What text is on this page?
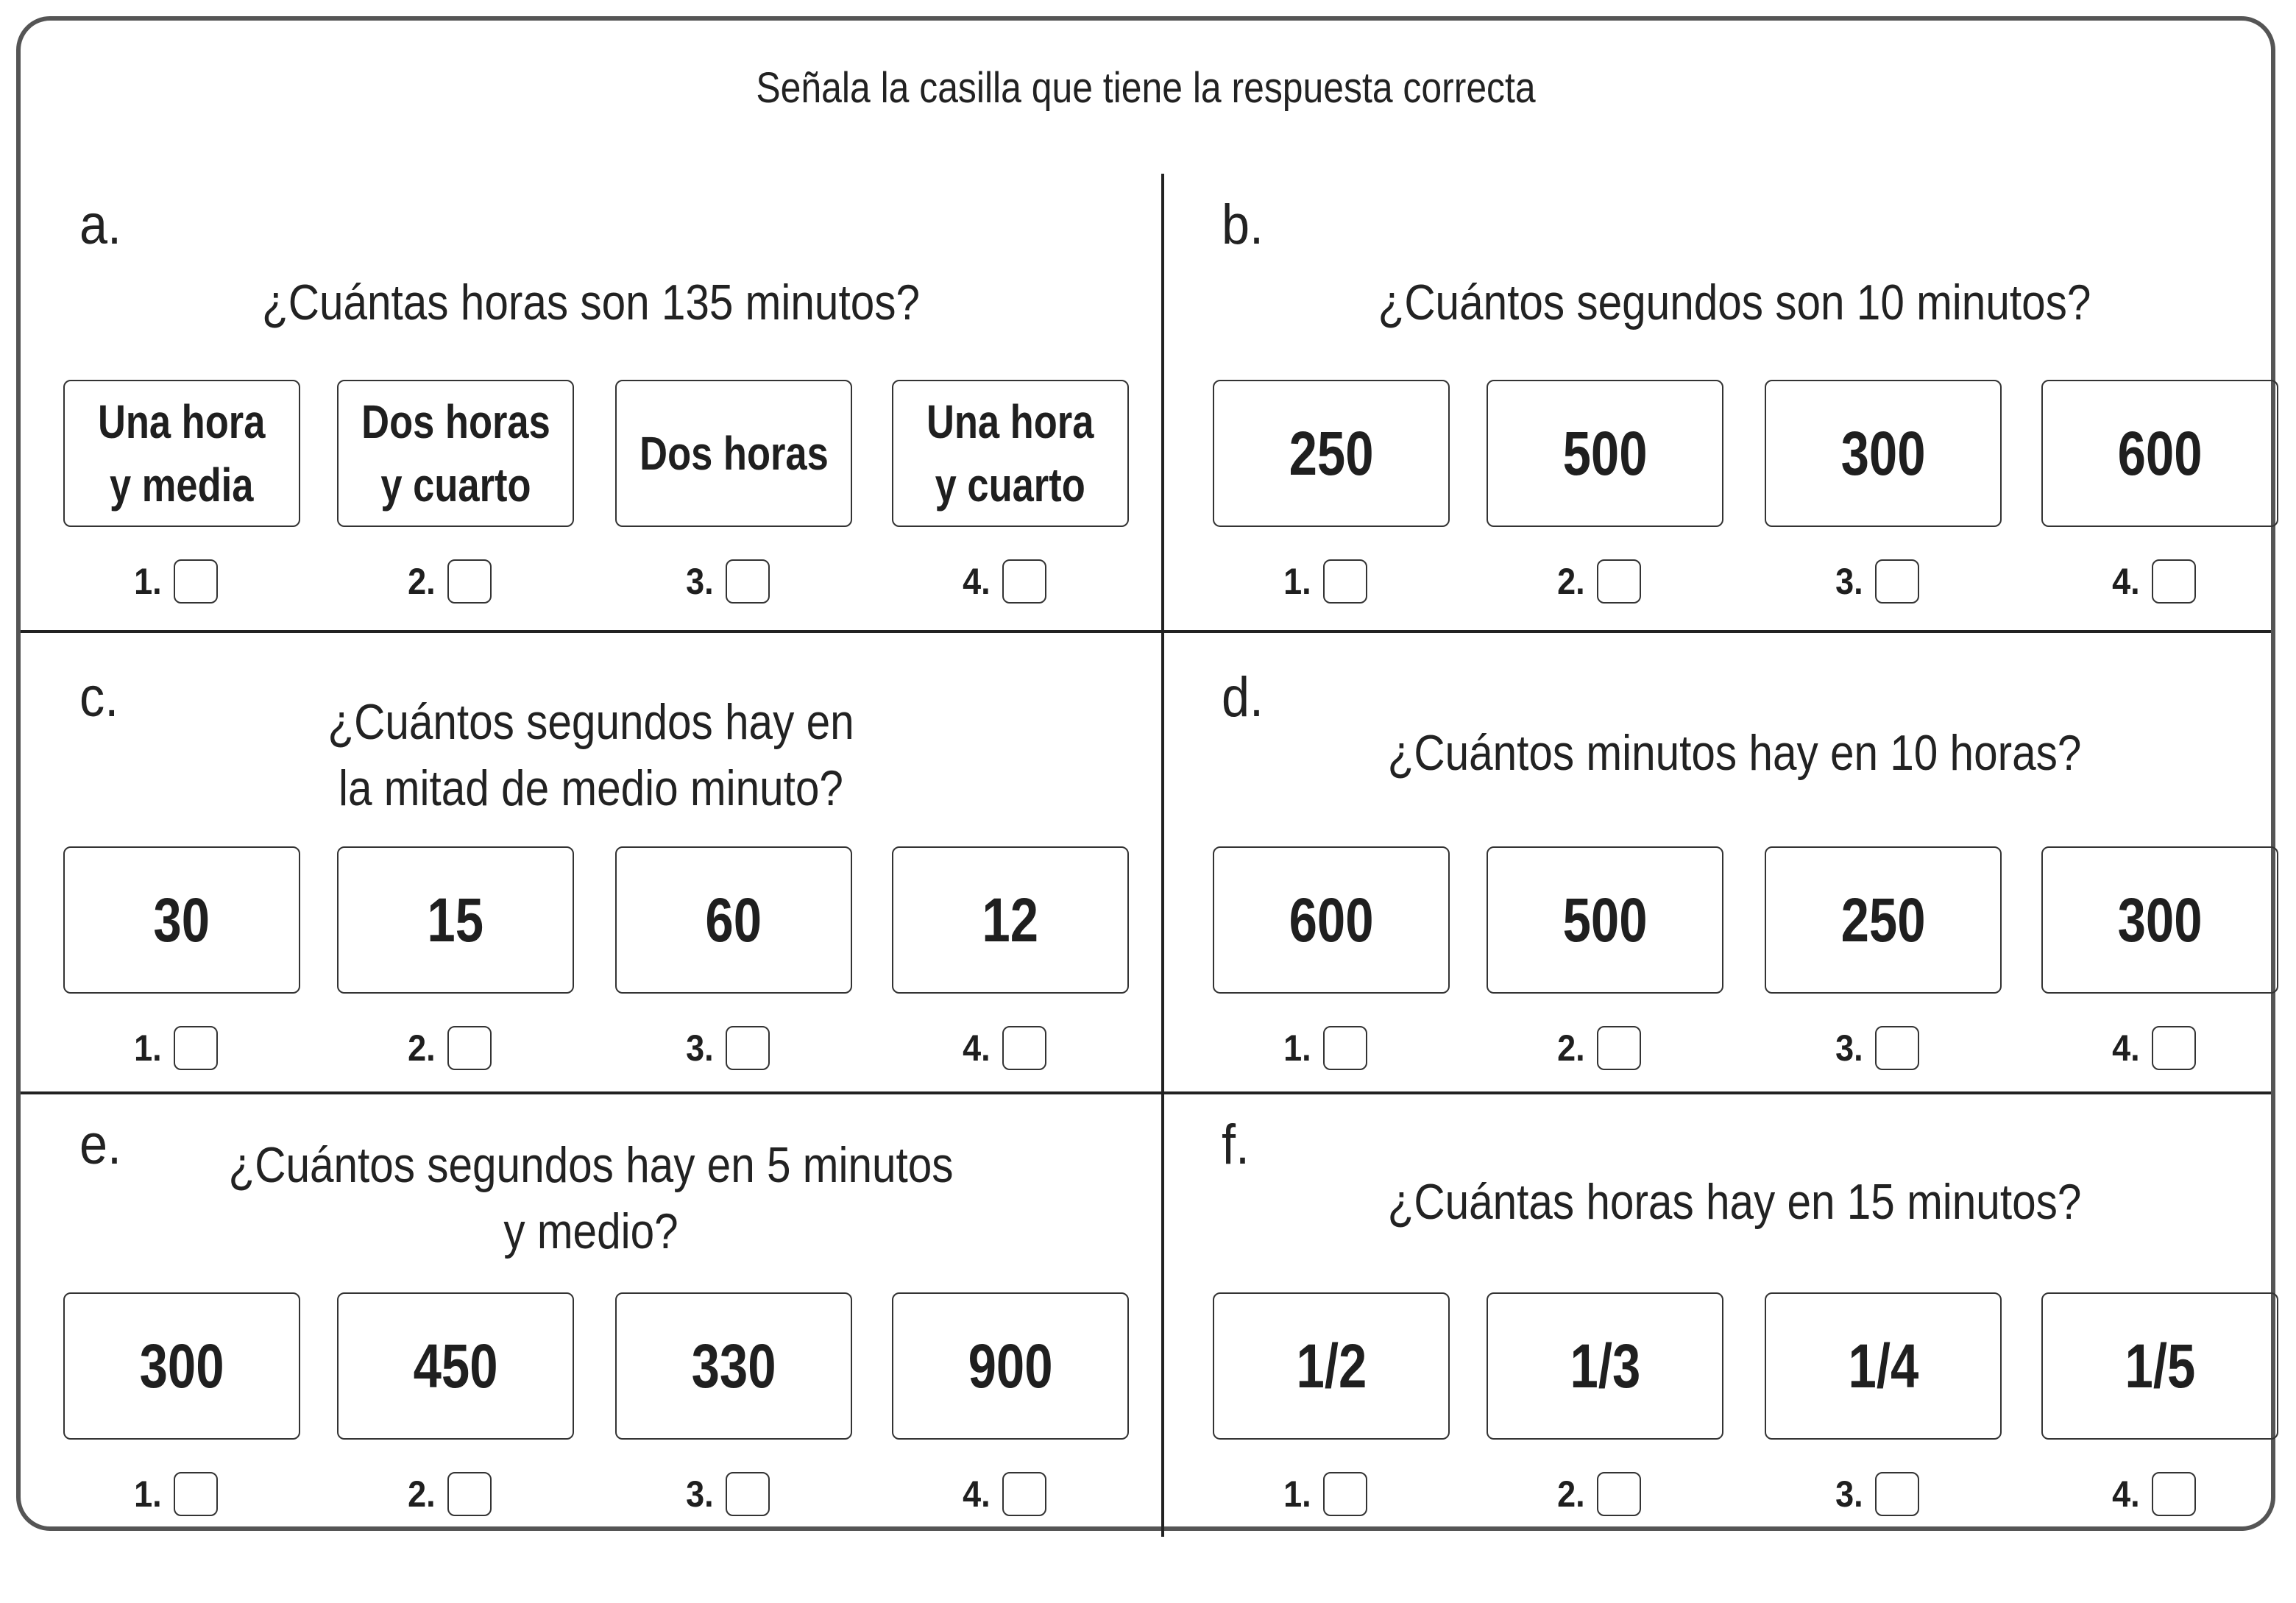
Señala la casilla que tiene la respuesta correcta
a.
¿Cuántas horas son 135 minutos?
Una hora
y media
1.
Dos horas
y cuarto
2.
Dos horas
3.
Una hora
y cuarto
4.
b.
¿Cuántos segundos son 10 minutos?
250
1.
500
2.
300
3.
600
4.
c.	¿Cuántos segundos hay en
la mitad de medio minuto?
30
1.
15
2.
60
3.
12
4.
d.
¿Cuántos minutos hay en 10 horas?
600
1.
500
2.
250
3.
300
4.
e.	¿Cuántos segundos hay en 5 minutos
y medio?
300
1.
450
2.
330
3.
900
4.
f.
¿Cuántas horas hay en 15 minutos?
1/2
1.
1/3
2.
1/4
3.
1/5
4.
